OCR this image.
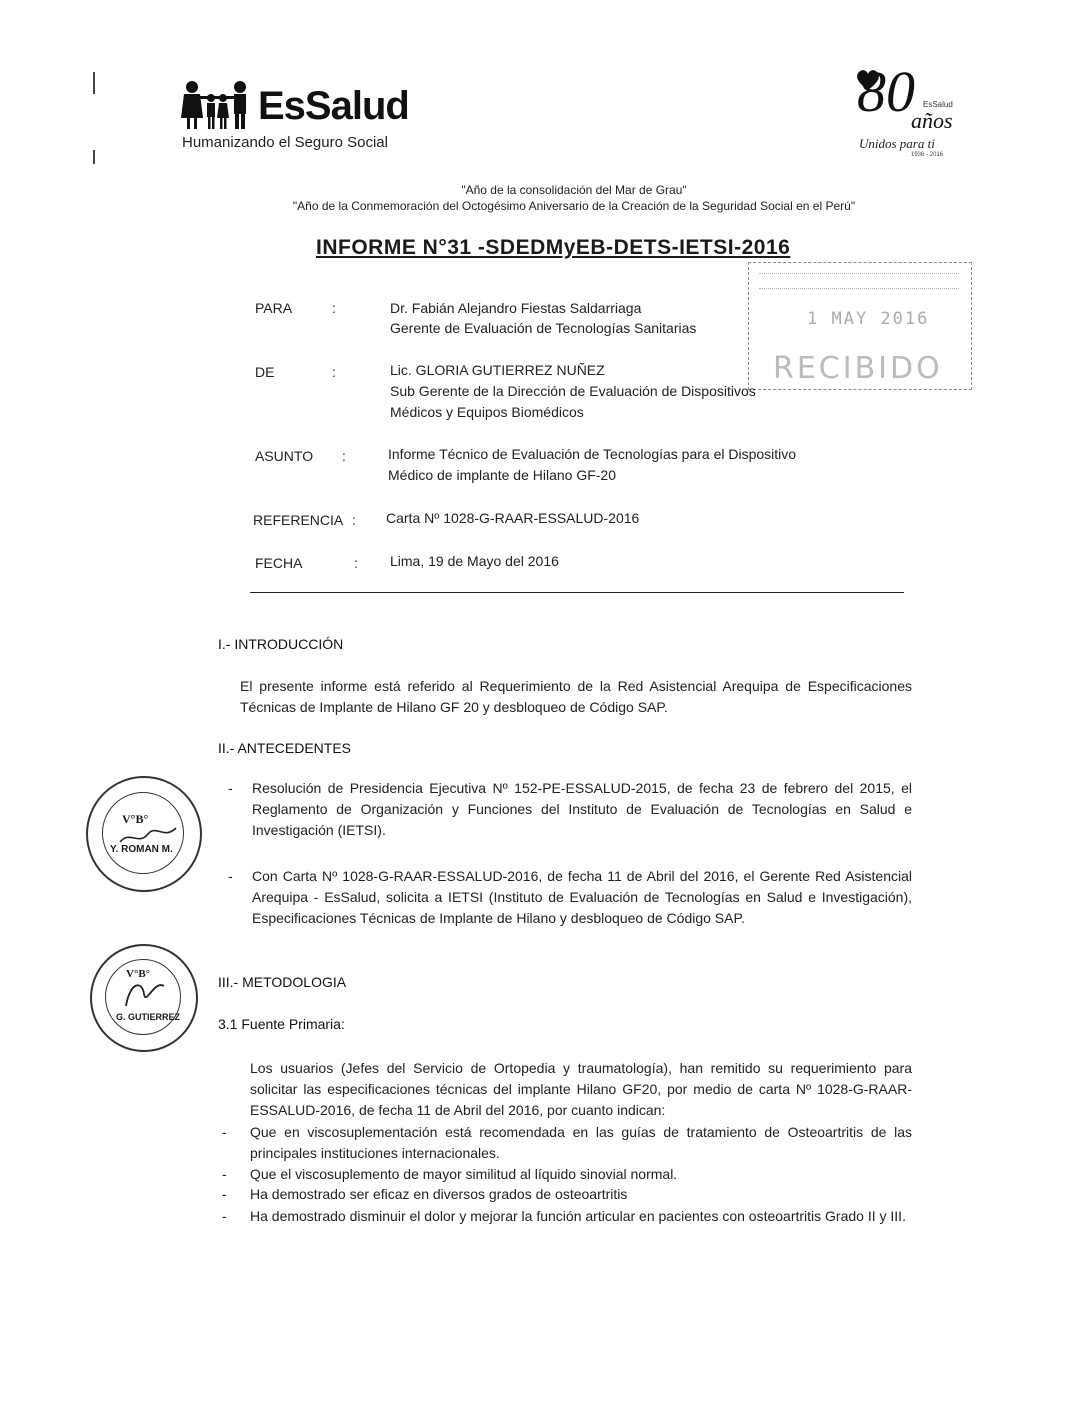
EsSalud
Humanizando el Seguro Social
80 EsSalud
años
Unidos para ti
1936 - 2016
"Año de la consolidación del Mar de Grau"
"Año de la Conmemoración del Octogésimo Aniversario de la Creación de la Seguridad Social en el Perú"
INFORME N°31 -SDEDMyEB-DETS-IETSI-2016
1 MAY 2016
RECIBIDO
PARA	:	Dr. Fabián Alejandro Fiestas Saldarriaga
Gerente de Evaluación de Tecnologías Sanitarias
DE	:	Lic. GLORIA GUTIERREZ NUÑEZ
Sub Gerente de la Dirección de Evaluación de Dispositivos
Médicos y Equipos Biomédicos
ASUNTO :	Informe Técnico de Evaluación de Tecnologías para el Dispositivo
Médico de implante de Hilano GF-20
REFERENCIA : Carta Nº 1028-G-RAAR-ESSALUD-2016
FECHA	: Lima, 19 de Mayo del 2016
I.- INTRODUCCIÓN
El presente informe está referido al Requerimiento de la Red Asistencial Arequipa de Especificaciones Técnicas de Implante de Hilano GF 20 y desbloqueo de Código SAP.
II.- ANTECEDENTES
- Resolución de Presidencia Ejecutiva Nº 152-PE-ESSALUD-2015, de fecha 23 de febrero del 2015, el Reglamento de Organización y Funciones del Instituto de Evaluación de Tecnologías en Salud e Investigación (IETSI).
- Con Carta Nº 1028-G-RAAR-ESSALUD-2016, de fecha 11 de Abril del 2016, el Gerente Red Asistencial Arequipa - EsSalud, solicita a IETSI (Instituto de Evaluación de Tecnologías en Salud e Investigación), Especificaciones Técnicas de Implante de Hilano y desbloqueo de Código SAP.
V°B°
Y. ROMAN M.
V°B°
G. GUTIERREZ
III.- METODOLOGIA
3.1 Fuente Primaria:
Los usuarios (Jefes del Servicio de Ortopedia y traumatología), han remitido su requerimiento para solicitar las especificaciones técnicas del implante Hilano GF20, por medio de carta Nº 1028-G-RAAR-ESSALUD-2016, de fecha 11 de Abril del 2016, por cuanto indican:
- Que en viscosuplementación está recomendada en las guías de tratamiento de Osteoartritis de las principales instituciones internacionales.
- Que el viscosuplemento de mayor similitud al líquido sinovial normal.
- Ha demostrado ser eficaz en diversos grados de osteoartritis
- Ha demostrado disminuir el dolor y mejorar la función articular en pacientes con osteoartritis Grado II y III.
